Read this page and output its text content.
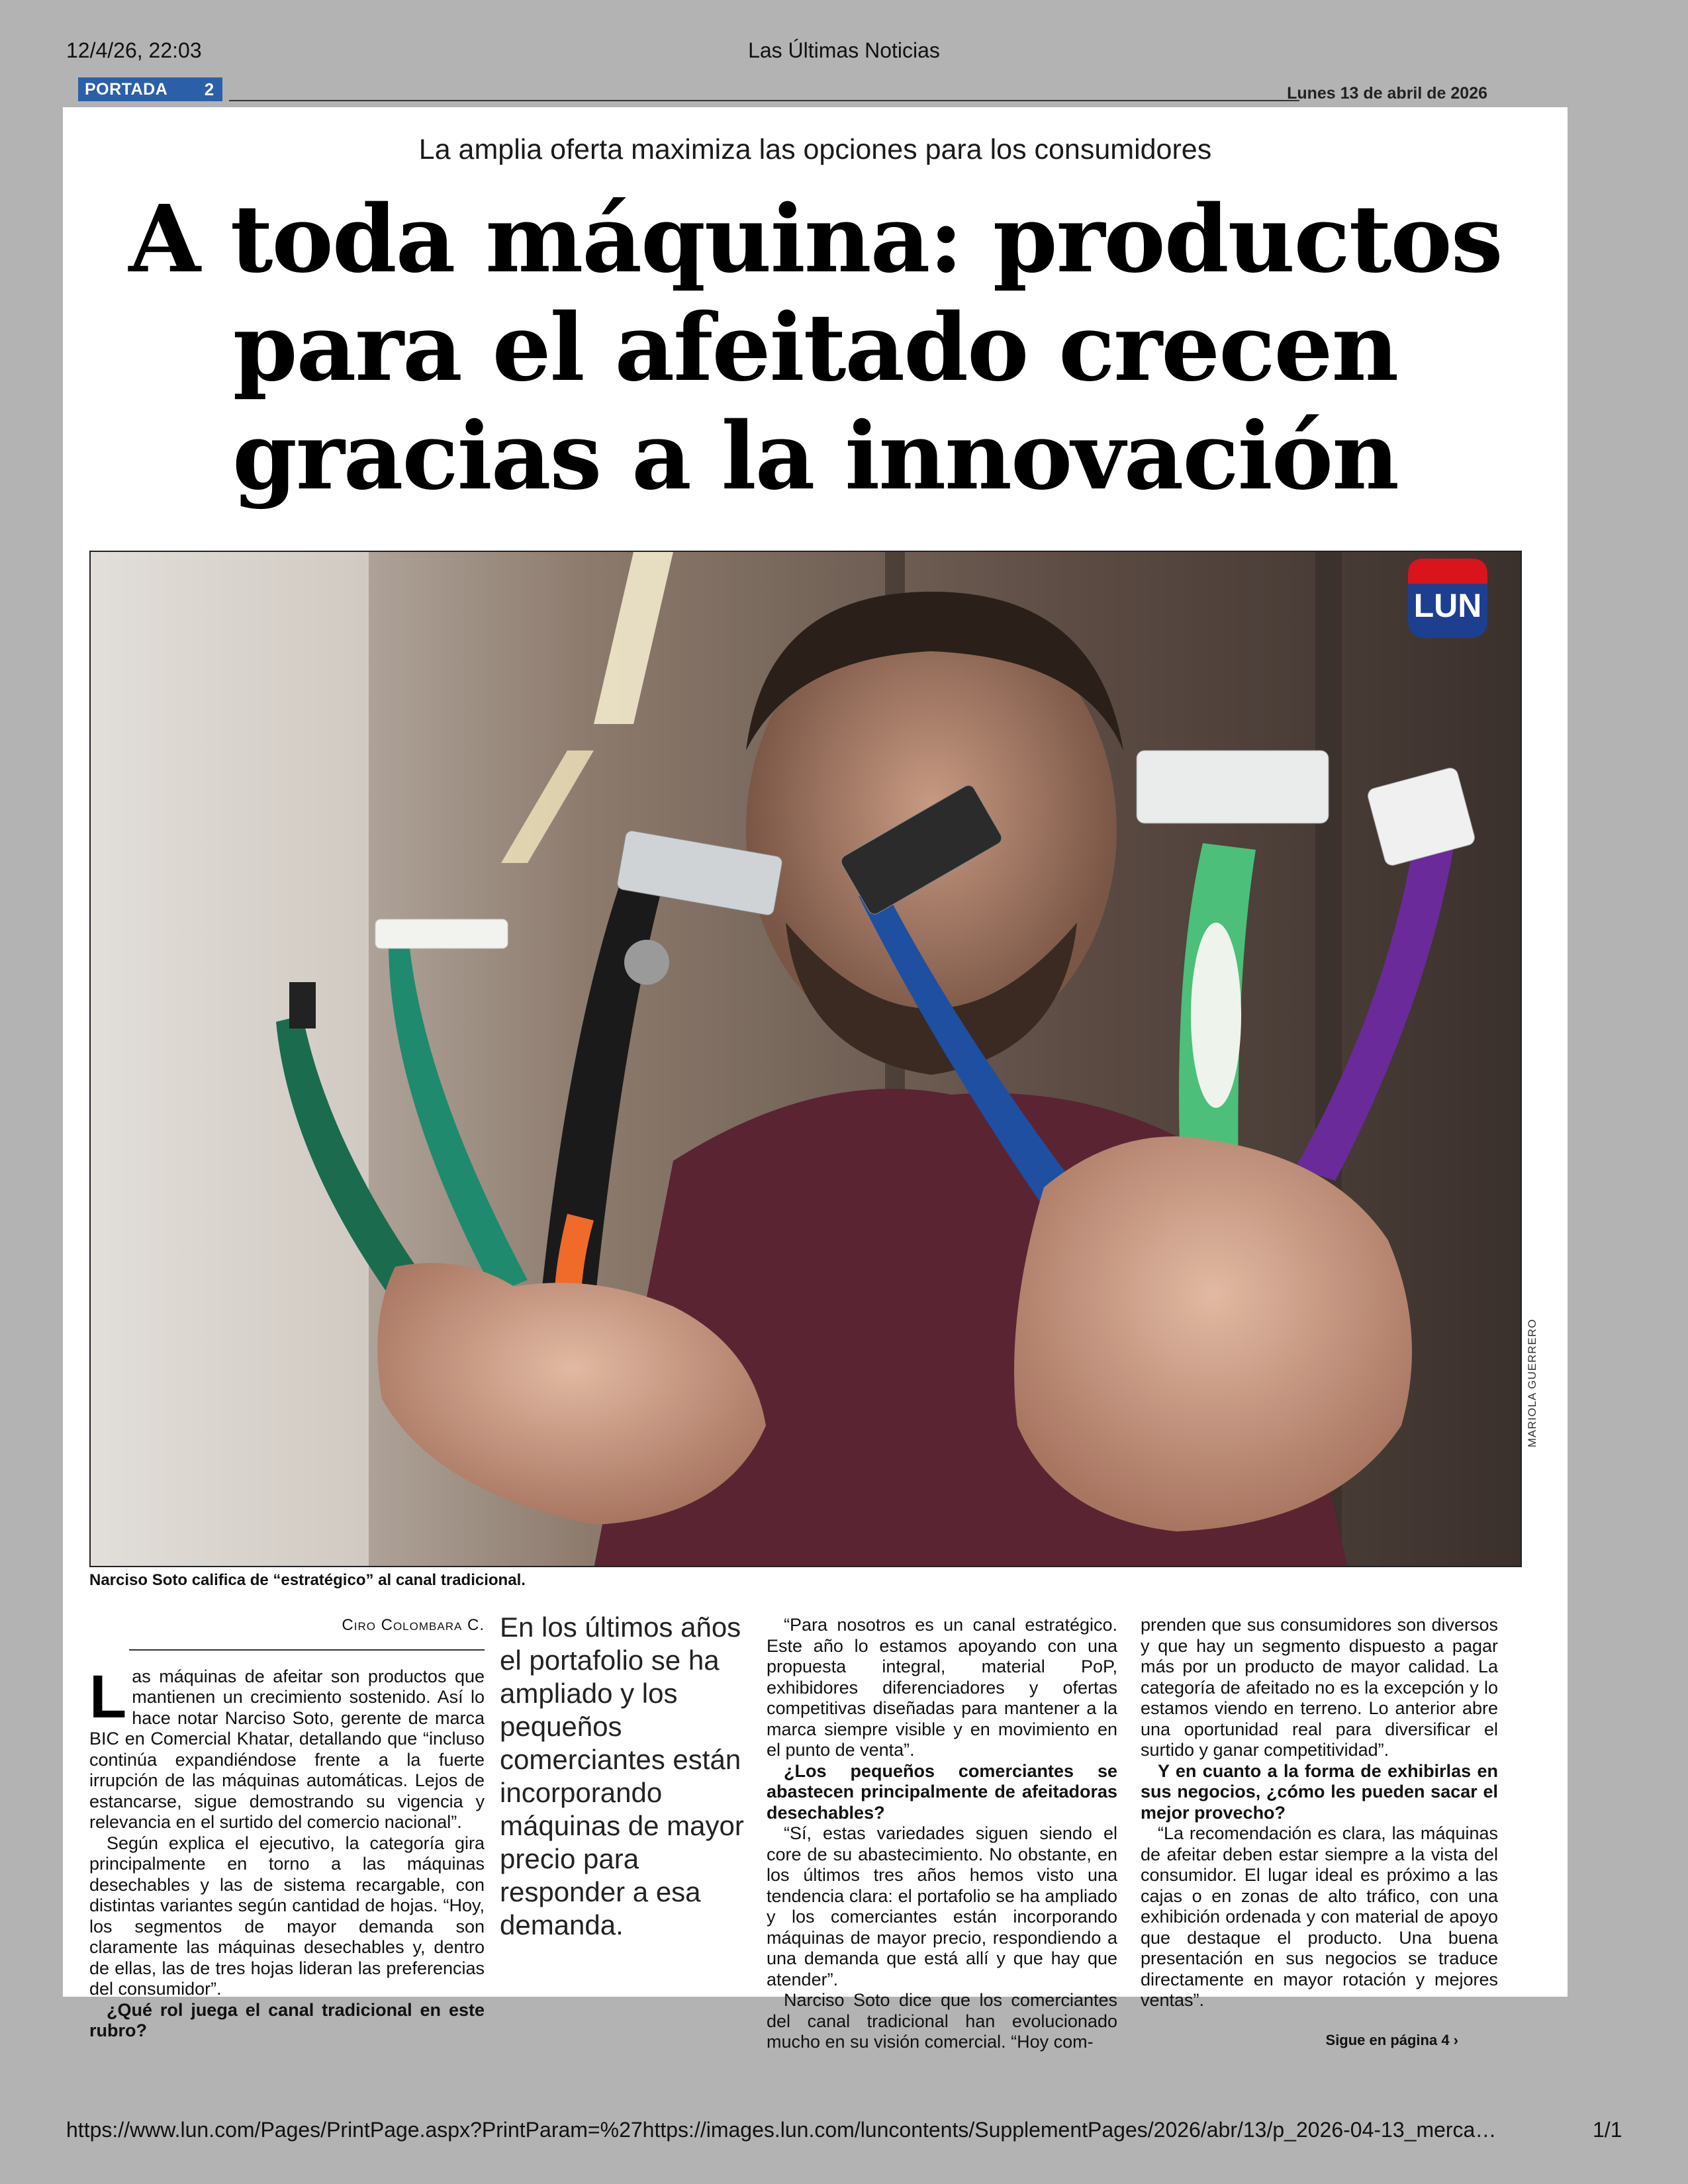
12/4/26, 22:03	Las Últimas Noticias
PORTADA	2	Lunes 13 de abril de 2026
La amplia oferta maximiza las opciones para los consumidores
A toda máquina: productos para el afeitado crecen gracias a la innovación
LUN
MARIOLA GUERRERO
Narciso Soto califica de “estratégico” al canal tradicional.
Ciro Colombara C.

Las máquinas de afeitar son productos que mantienen un crecimiento sostenido. Así lo hace notar Narciso Soto, gerente de marca BIC en Comercial Khatar, detallando que “incluso continúa expandiéndose frente a la fuerte irrupción de las máquinas automáticas. Lejos de estancarse, sigue demostrando su vigencia y relevancia en el surtido del comercio nacional”.

Según explica el ejecutivo, la categoría gira principalmente en torno a las máquinas desechables y las de sistema recargable, con distintas variantes según cantidad de hojas. “Hoy, los segmentos de mayor demanda son claramente las máquinas desechables y, dentro de ellas, las de tres hojas lideran las preferencias del consumidor”.

¿Qué rol juega el canal tradicional en este rubro?

En los últimos años el portafolio se ha ampliado y los pequeños comerciantes están incorporando máquinas de mayor precio para responder a esa demanda.

“Para nosotros es un canal estratégico. Este año lo estamos apoyando con una propuesta integral, material PoP, exhibidores diferenciadores y ofertas competitivas diseñadas para mantener a la marca siempre visible y en movimiento en el punto de venta”.

¿Los pequeños comerciantes se abastecen principalmente de afeitadoras desechables?

“Sí, estas variedades siguen siendo el core de su abastecimiento. No obstante, en los últimos tres años hemos visto una tendencia clara: el portafolio se ha ampliado y los comerciantes están incorporando máquinas de mayor precio, respondiendo a una demanda que está allí y que hay que atender”.

Narciso Soto dice que los comerciantes del canal tradicional han evolucionado mucho en su visión comercial. “Hoy com-

prenden que sus consumidores son diversos y que hay un segmento dispuesto a pagar más por un producto de mayor calidad. La categoría de afeitado no es la excepción y lo estamos viendo en terreno. Lo anterior abre una oportunidad real para diversificar el surtido y ganar competitividad”.

Y en cuanto a la forma de exhibirlas en sus negocios, ¿cómo les pueden sacar el mejor provecho?

“La recomendación es clara, las máquinas de afeitar deben estar siempre a la vista del consumidor. El lugar ideal es próximo a las cajas o en zonas de alto tráfico, con una exhibición ordenada y con material de apoyo que destaque el producto. Una buena presentación en sus negocios se traduce directamente en mayor rotación y mejores ventas”.

Sigue en página 4 ›
https://www.lun.com/Pages/PrintPage.aspx?PrintParam=%27https://images.lun.com/luncontents/SupplementPages/2026/abr/13/p_2026-04-13_merca…	1/1
